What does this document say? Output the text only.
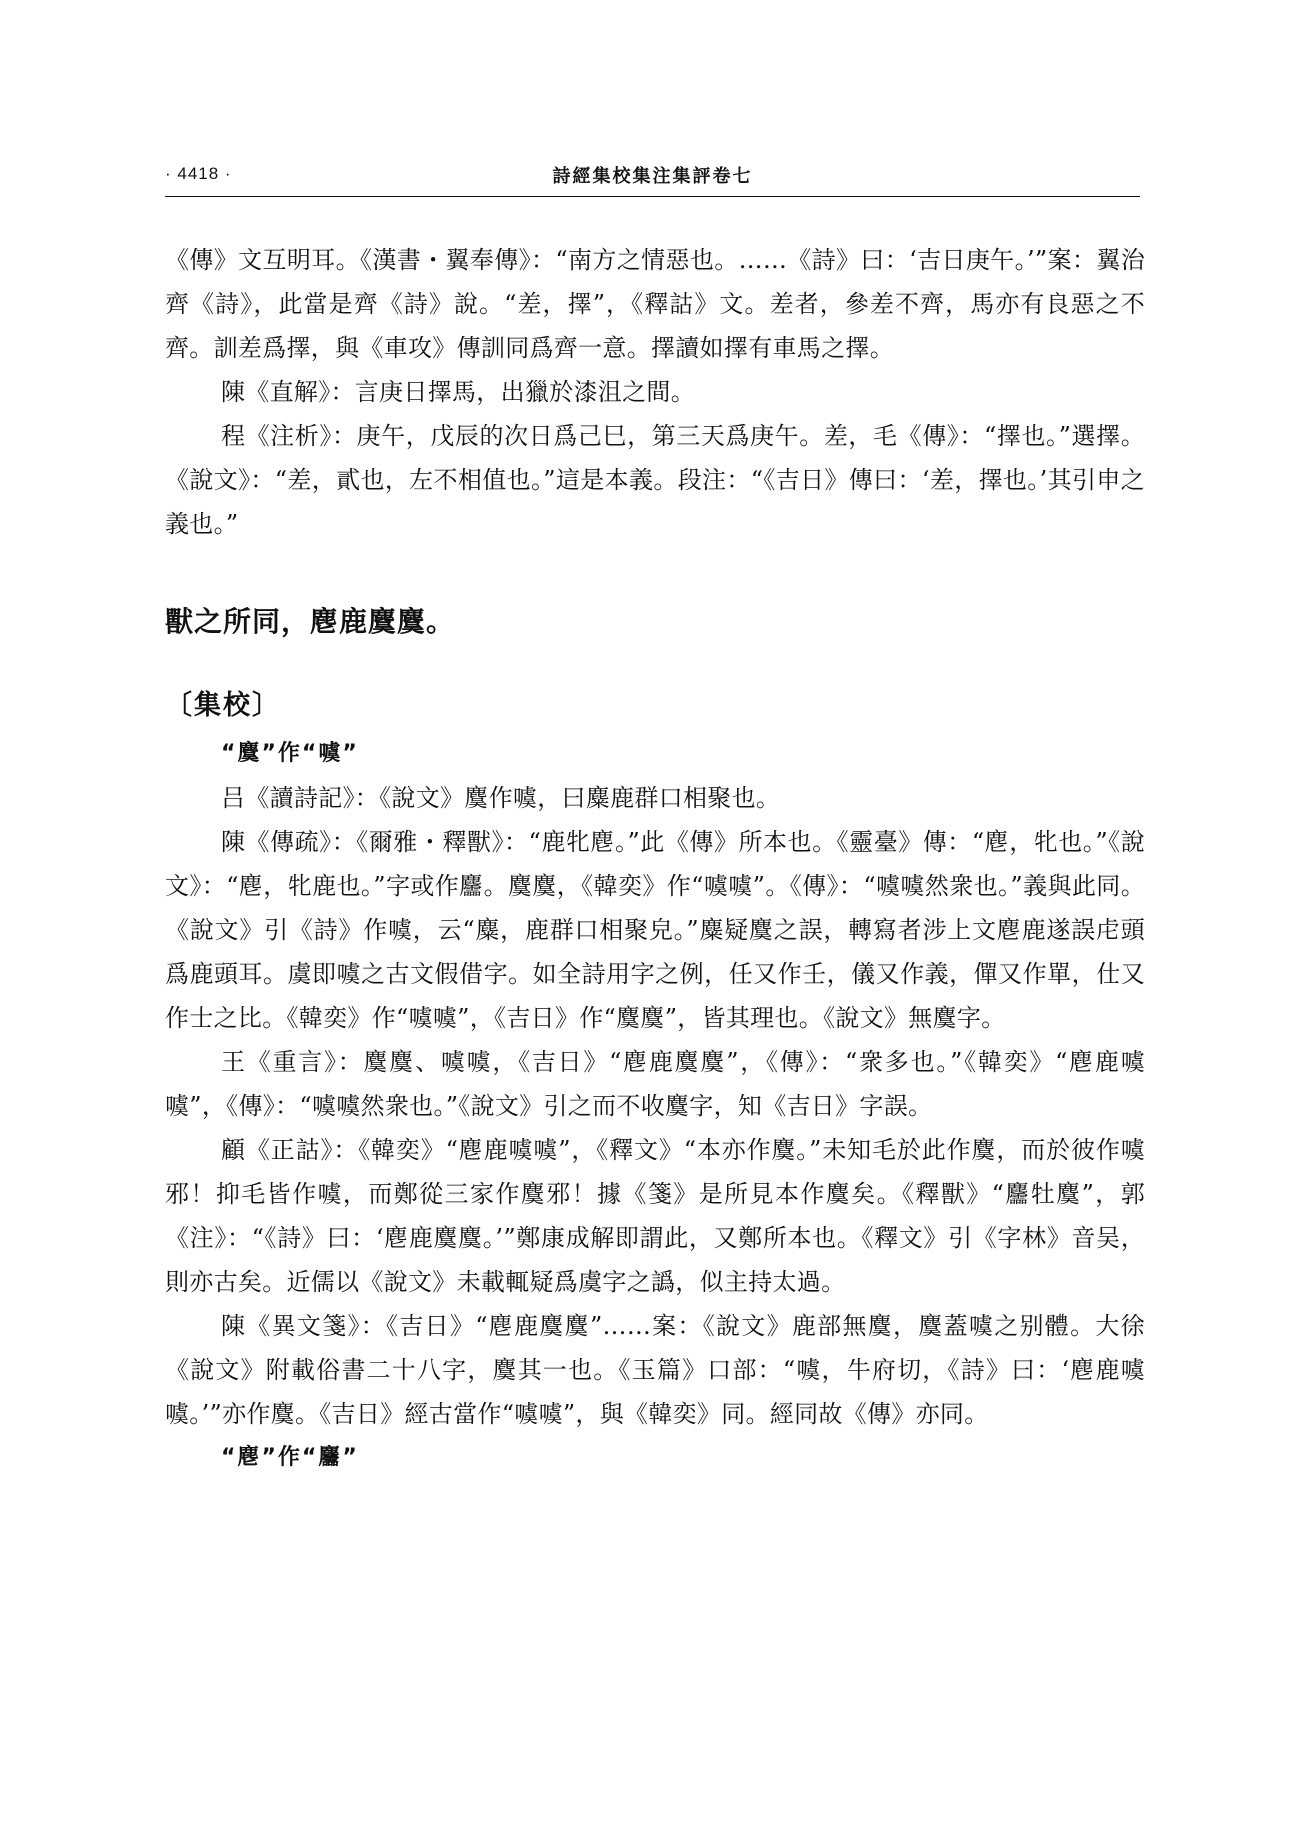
· 4418 ·	詩經集校集注集評卷七

《傳》文互明耳。《漢書・翼奉傳》：“南方之情惡也。……《詩》曰：‘吉日庚午。’”案：翼治齊《詩》，此當是齊《詩》說。“差，擇”，《釋詁》文。差者，參差不齊，馬亦有良惡之不齊。訓差爲擇，與《車攻》傳訓同爲齊一意。擇讀如擇有車馬之擇。

陳《直解》：言庚日擇馬，出獵於漆沮之間。

程《注析》：庚午，戊辰的次日爲己巳，第三天爲庚午。差，毛《傳》：“擇也。”選擇。《說文》：“差，貳也，左不相值也。”這是本義。段注：“《吉日》傳曰：‘差，擇也。’其引申之義也。”

獸之所同，麀鹿麌麌。
〔集校〕
“麌”作“噳”

吕《讀詩記》：《說文》麌作噳，曰麋鹿群口相聚也。

陳《傳疏》：《爾雅・釋獸》：“鹿牝麀。”此《傳》所本也。《靈臺》傳：“麀，牝也。”《說文》：“麀，牝鹿也。”字或作麢。麌麌，《韓奕》作“噳噳”。《傳》：“噳噳然衆也。”義與此同。《說文》引《詩》作噳，云“麋，鹿群口相聚皃。”麋疑麌之誤，轉寫者涉上文麀鹿遂誤虍頭爲鹿頭耳。虞即噳之古文假借字。如全詩用字之例，任又作壬，儀又作義，僤又作單，仕又作士之比。《韓奕》作“噳噳”，《吉日》作“麌麌”，皆其理也。《說文》無麌字。

王《重言》：麌麌、噳噳，《吉日》“麀鹿麌麌”，《傳》：“衆多也。”《韓奕》“麀鹿噳噳”，《傳》：“噳噳然衆也。”《說文》引之而不收麌字，知《吉日》字誤。

顧《正詁》：《韓奕》“麀鹿噳噳”，《釋文》“本亦作麌。”未知毛於此作麌，而於彼作噳邪！抑毛皆作噳，而鄭從三家作麌邪！據《箋》是所見本作麌矣。《釋獸》“麢牡麌”，郭《注》：“《詩》曰：‘麀鹿麌麌。’”鄭康成解即謂此，又鄭所本也。《釋文》引《字林》音吴，則亦古矣。近儒以《說文》未載輒疑爲虞字之譌，似主持太過。

陳《異文箋》：《吉日》“麀鹿麌麌”……案：《說文》鹿部無麌，麌蓋噳之别體。大徐《說文》附載俗書二十八字，麌其一也。《玉篇》口部：“噳，牛府切，《詩》曰：‘麀鹿噳噳。’”亦作麌。《吉日》經古當作“噳噳”，與《韓奕》同。經同故《傳》亦同。

“麀”作“麢”
